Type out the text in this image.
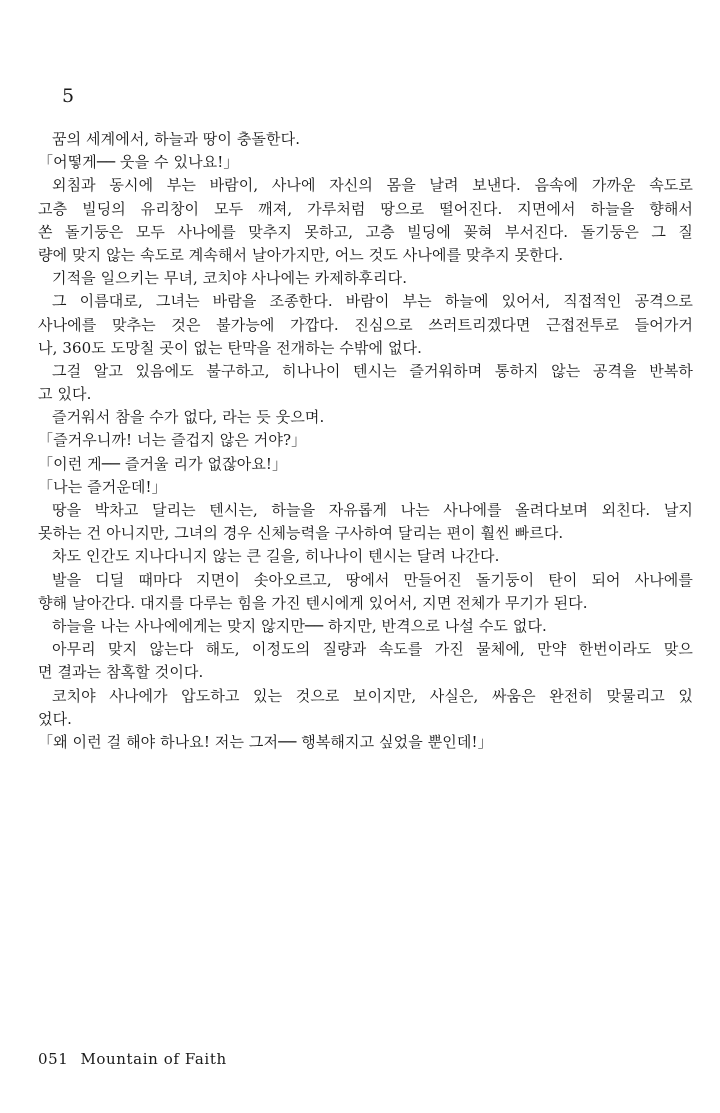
5
꿈의 세계에서, 하늘과 땅이 충돌한다.
「어떻게── 웃을 수 있나요!」
외침과 동시에 부는 바람이, 사나에 자신의 몸을 날려 보낸다. 음속에 가까운 속도로
고층 빌딩의 유리창이 모두 깨져, 가루처럼 땅으로 떨어진다. 지면에서 하늘을 향해서
쏜 돌기둥은 모두 사나에를 맞추지 못하고, 고층 빌딩에 꽂혀 부서진다. 돌기둥은 그 질
량에 맞지 않는 속도로 계속해서 날아가지만, 어느 것도 사나에를 맞추지 못한다.
기적을 일으키는 무녀, 코치야 사나에는 카제하후리다.
그 이름대로, 그녀는 바람을 조종한다. 바람이 부는 하늘에 있어서, 직접적인 공격으로
사나에를 맞추는 것은 불가능에 가깝다. 진심으로 쓰러트리겠다면 근접전투로 들어가거
나, 360도 도망칠 곳이 없는 탄막을 전개하는 수밖에 없다.
그걸 알고 있음에도 불구하고, 히나나이 텐시는 즐거워하며 통하지 않는 공격을 반복하
고 있다.
즐거워서 참을 수가 없다, 라는 듯 웃으며.
「즐거우니까! 너는 즐겁지 않은 거야?」
「이런 게── 즐거울 리가 없잖아요!」
「나는 즐거운데!」
땅을 박차고 달리는 텐시는, 하늘을 자유롭게 나는 사나에를 올려다보며 외친다. 날지
못하는 건 아니지만, 그녀의 경우 신체능력을 구사하여 달리는 편이 훨씬 빠르다.
차도 인간도 지나다니지 않는 큰 길을, 히나나이 텐시는 달려 나간다.
발을 디딜 때마다 지면이 솟아오르고, 땅에서 만들어진 돌기둥이 탄이 되어 사나에를
향해 날아간다. 대지를 다루는 힘을 가진 텐시에게 있어서, 지면 전체가 무기가 된다.
하늘을 나는 사나에에게는 맞지 않지만── 하지만, 반격으로 나설 수도 없다.
아무리 맞지 않는다 해도, 이정도의 질량과 속도를 가진 물체에, 만약 한번이라도 맞으
면 결과는 참혹할 것이다.
코치야 사나에가 압도하고 있는 것으로 보이지만, 사실은, 싸움은 완전히 맞물리고 있
었다.
「왜 이런 걸 해야 하나요! 저는 그저── 행복해지고 싶었을 뿐인데!」
051 Mountain of Faith
